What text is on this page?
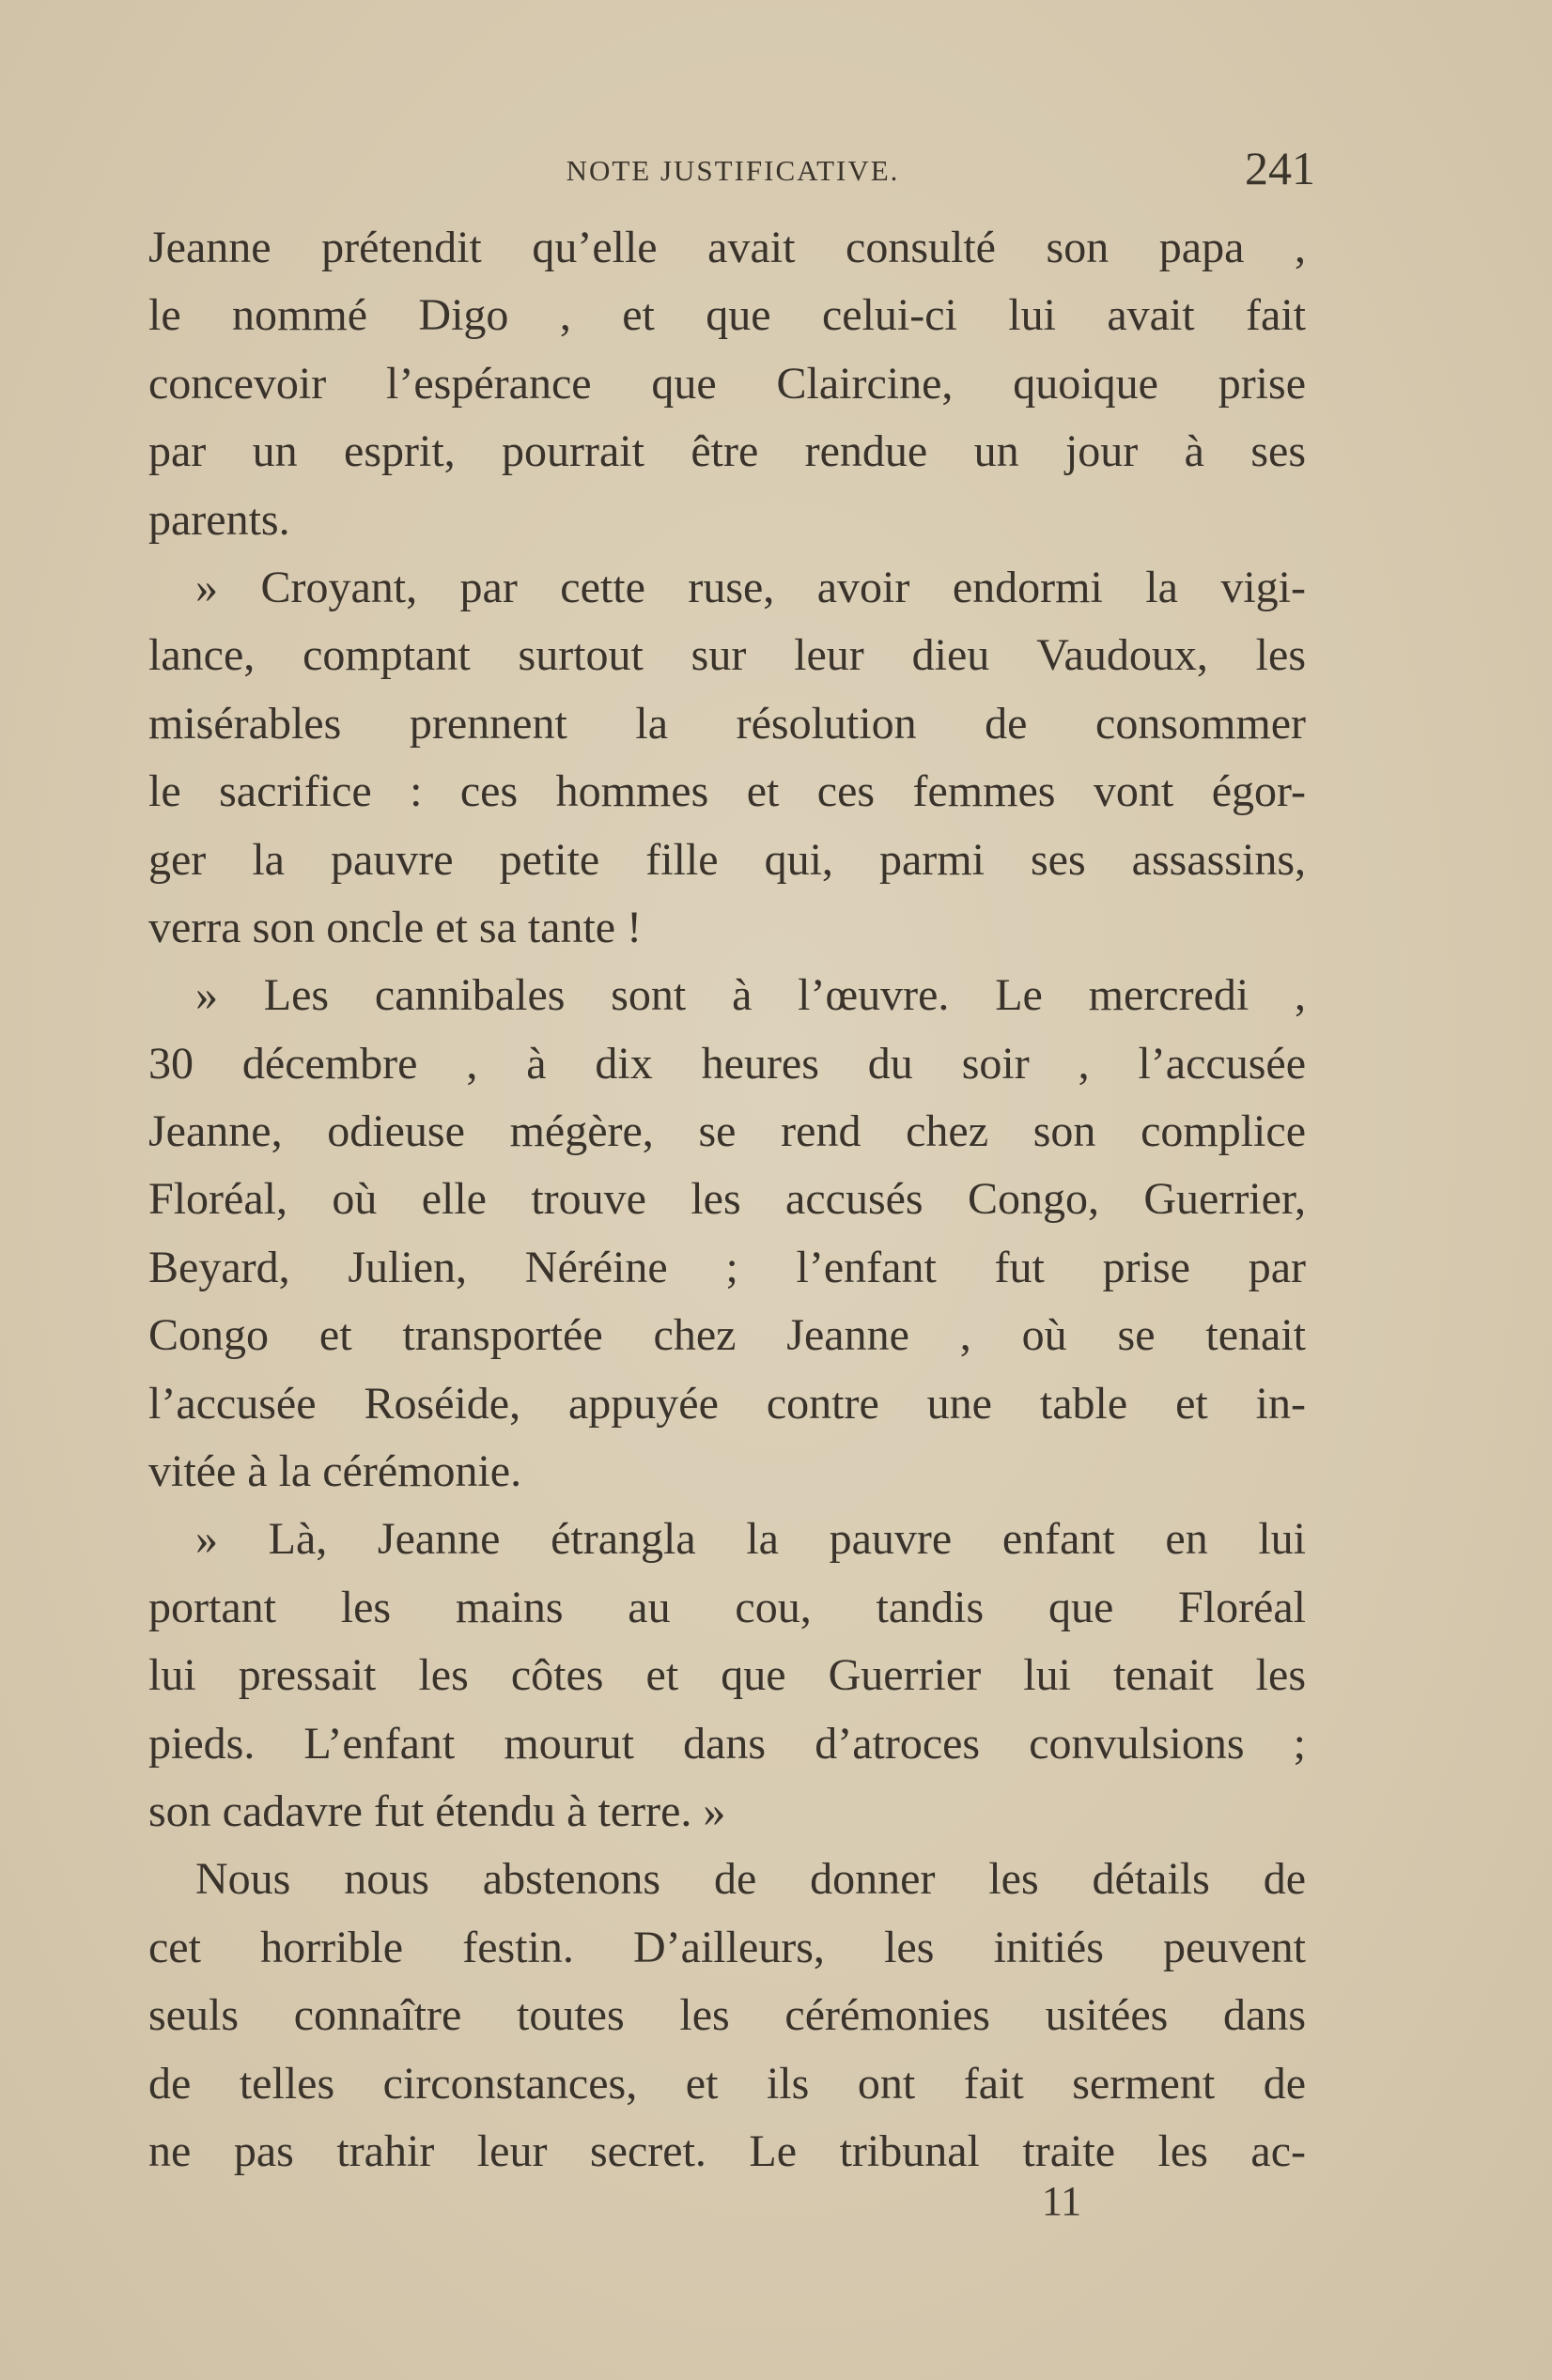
NOTE JUSTIFICATIVE.	241
Jeanne prétendit qu’elle avait consulté son papa ,
le nommé Digo , et que celui-ci lui avait fait
concevoir l’espérance que Claircine, quoique prise
par un esprit, pourrait être rendue un jour à ses
parents.
» Croyant, par cette ruse, avoir endormi la vigi-
lance, comptant surtout sur leur dieu Vaudoux, les
misérables prennent la résolution de consommer
le sacrifice : ces hommes et ces femmes vont égor-
ger la pauvre petite fille qui, parmi ses assassins,
verra son oncle et sa tante !
» Les cannibales sont à l’œuvre. Le mercredi ,
30 décembre , à dix heures du soir , l’accusée
Jeanne, odieuse mégère, se rend chez son complice
Floréal, où elle trouve les accusés Congo, Guerrier,
Beyard, Julien, Néréine ; l’enfant fut prise par
Congo et transportée chez Jeanne , où se tenait
l’accusée Roséide, appuyée contre une table et in-
vitée à la cérémonie.
» Là, Jeanne étrangla la pauvre enfant en lui
portant les mains au cou, tandis que Floréal
lui pressait les côtes et que Guerrier lui tenait les
pieds. L’enfant mourut dans d’atroces convulsions ;
son cadavre fut étendu à terre. »
Nous nous abstenons de donner les détails de
cet horrible festin. D’ailleurs, les initiés peuvent
seuls connaître toutes les cérémonies usitées dans
de telles circonstances, et ils ont fait serment de
ne pas trahir leur secret. Le tribunal traite les ac-
11
